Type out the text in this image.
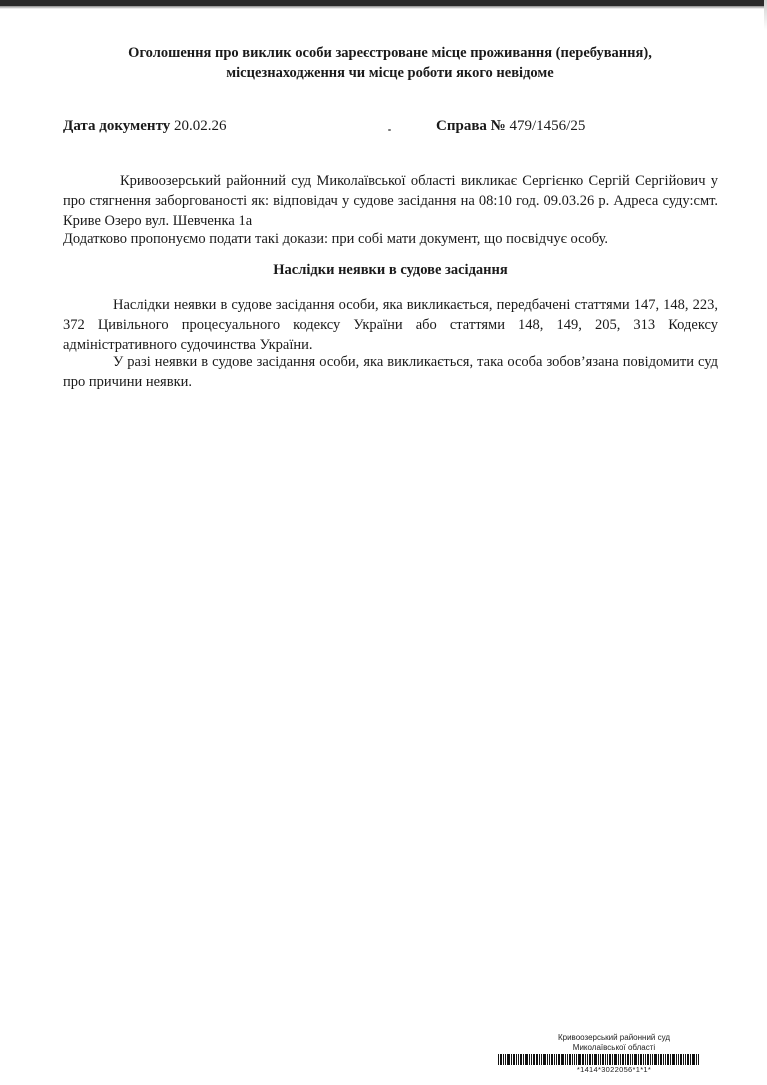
Оголошення про виклик особи зареєстроване місце проживання (перебування),
місцезнаходження чи місце роботи якого невідоме
Дата документу 20.02.26	Справа № 479/1456/25

Кривоозерський районний суд Миколаївської області викликає Сергієнко Сергій Сергійович у про стягнення заборгованості як: відповідач у судове засідання на 08:10 год. 09.03.26 р. Адреса суду:смт. Криве Озеро вул. Шевченка 1а

Додатково пропонуємо подати такі докази: при собі мати документ, що посвідчує особу.

Наслідки неявки в судове засідання

Наслідки неявки в судове засідання особи, яка викликається, передбачені статтями 147, 148, 223, 372 Цивільного процесуального кодексу України або статтями 148, 149, 205, 313 Кодексу адміністративного судочинства України.

У разі неявки в судове засідання особи, яка викликається, така особа зобов’язана повідомити суд про причини неявки.

Кривоозерський районний суд
Миколаївської області
*1414*3022056*1*1*
